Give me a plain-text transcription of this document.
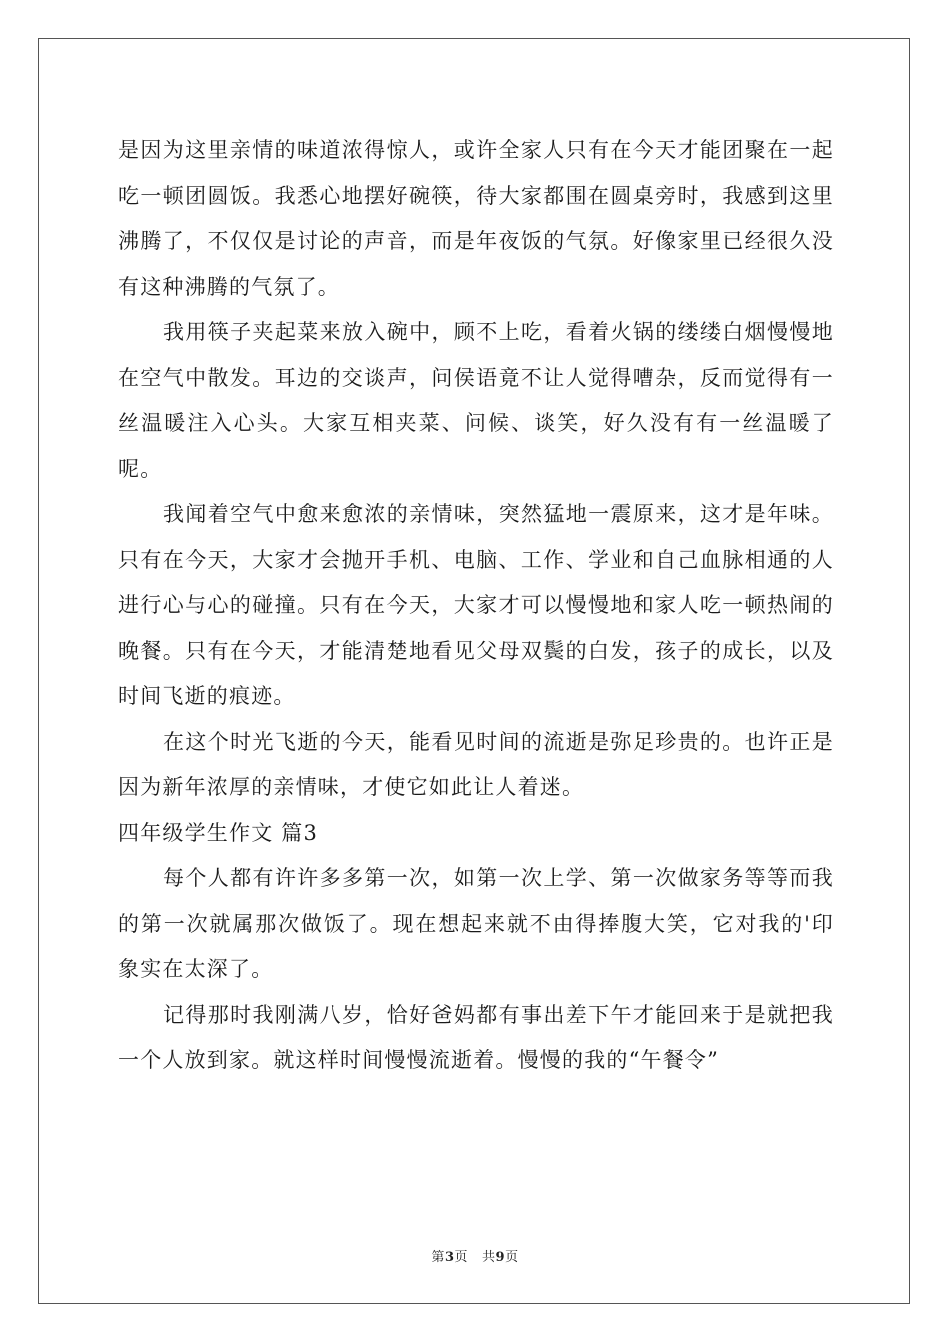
是因为这里亲情的味道浓得惊人，或许全家人只有在今天才能团聚在一起吃一顿团圆饭。我悉心地摆好碗筷，待大家都围在圆桌旁时，我感到这里沸腾了，不仅仅是讨论的声音，而是年夜饭的气氛。好像家里已经很久没有这种沸腾的气氛了。

我用筷子夹起菜来放入碗中，顾不上吃，看着火锅的缕缕白烟慢慢地在空气中散发。耳边的交谈声，问侯语竟不让人觉得嘈杂，反而觉得有一丝温暖注入心头。大家互相夹菜、问候、谈笑，好久没有有一丝温暖了呢。

我闻着空气中愈来愈浓的亲情味，突然猛地一震原来，这才是年味。只有在今天，大家才会抛开手机、电脑、工作、学业和自己血脉相通的人进行心与心的碰撞。只有在今天，大家才可以慢慢地和家人吃一顿热闹的晚餐。只有在今天，才能清楚地看见父母双鬓的白发，孩子的成长，以及时间飞逝的痕迹。

在这个时光飞逝的今天，能看见时间的流逝是弥足珍贵的。也许正是因为新年浓厚的亲情味，才使它如此让人着迷。

四年级学生作文 篇3

每个人都有许许多多第一次，如第一次上学、第一次做家务等等而我的第一次就属那次做饭了。现在想起来就不由得捧腹大笑，它对我的'印象实在太深了。

记得那时我刚满八岁，恰好爸妈都有事出差下午才能回来于是就把我一个人放到家。就这样时间慢慢流逝着。慢慢的我的“午餐令”

第3页 共9页
